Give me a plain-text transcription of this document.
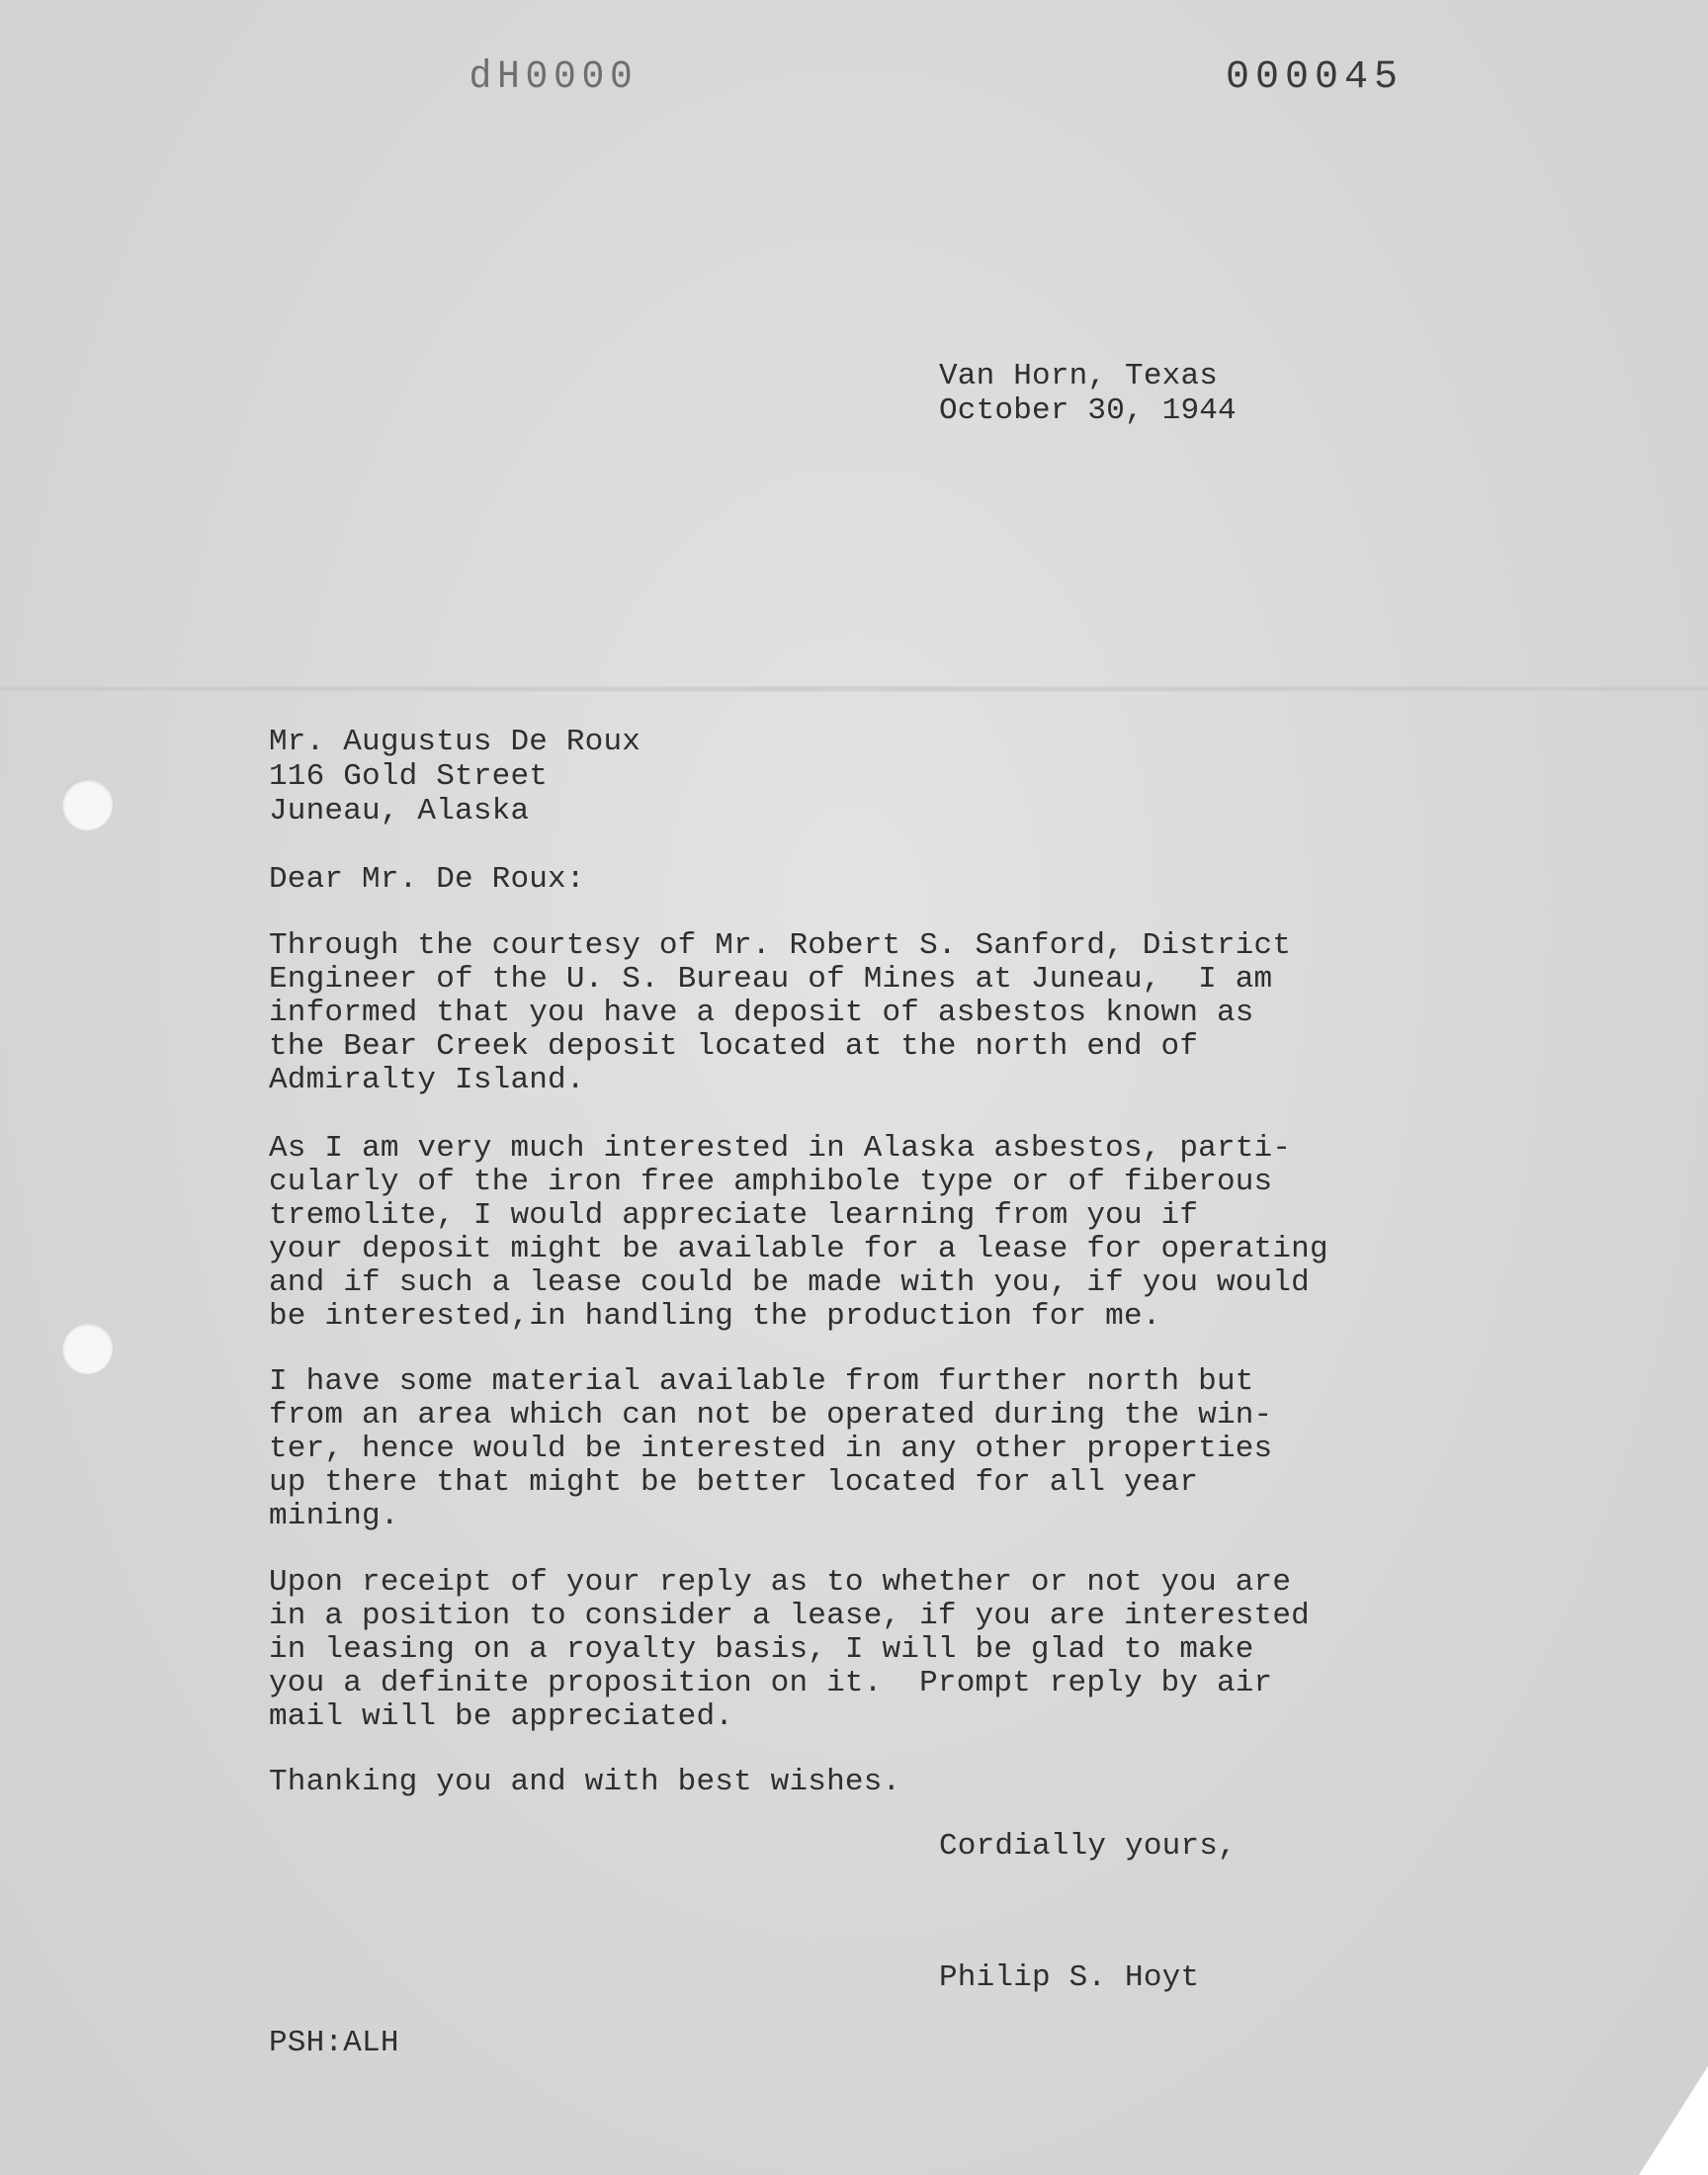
dH0000	000045
Van Horn, Texas
October 30, 1944
Mr. Augustus De Roux
116 Gold Street
Juneau, Alaska
Dear Mr. De Roux:
Through the courtesy of Mr. Robert S. Sanford, District
Engineer of the U. S. Bureau of Mines at Juneau,  I am
informed that you have a deposit of asbestos known as
the Bear Creek deposit located at the north end of
Admiralty Island.
As I am very much interested in Alaska asbestos, parti-
cularly of the iron free amphibole type or of fiberous
tremolite, I would appreciate learning from you if
your deposit might be available for a lease for operating
and if such a lease could be made with you, if you would
be interested,in handling the production for me.
I have some material available from further north but
from an area which can not be operated during the win-
ter, hence would be interested in any other properties
up there that might be better located for all year
mining.
Upon receipt of your reply as to whether or not you are
in a position to consider a lease, if you are interested
in leasing on a royalty basis, I will be glad to make
you a definite proposition on it.  Prompt reply by air
mail will be appreciated.
Thanking you and with best wishes.
Cordially yours,
Philip S. Hoyt
PSH:ALH
